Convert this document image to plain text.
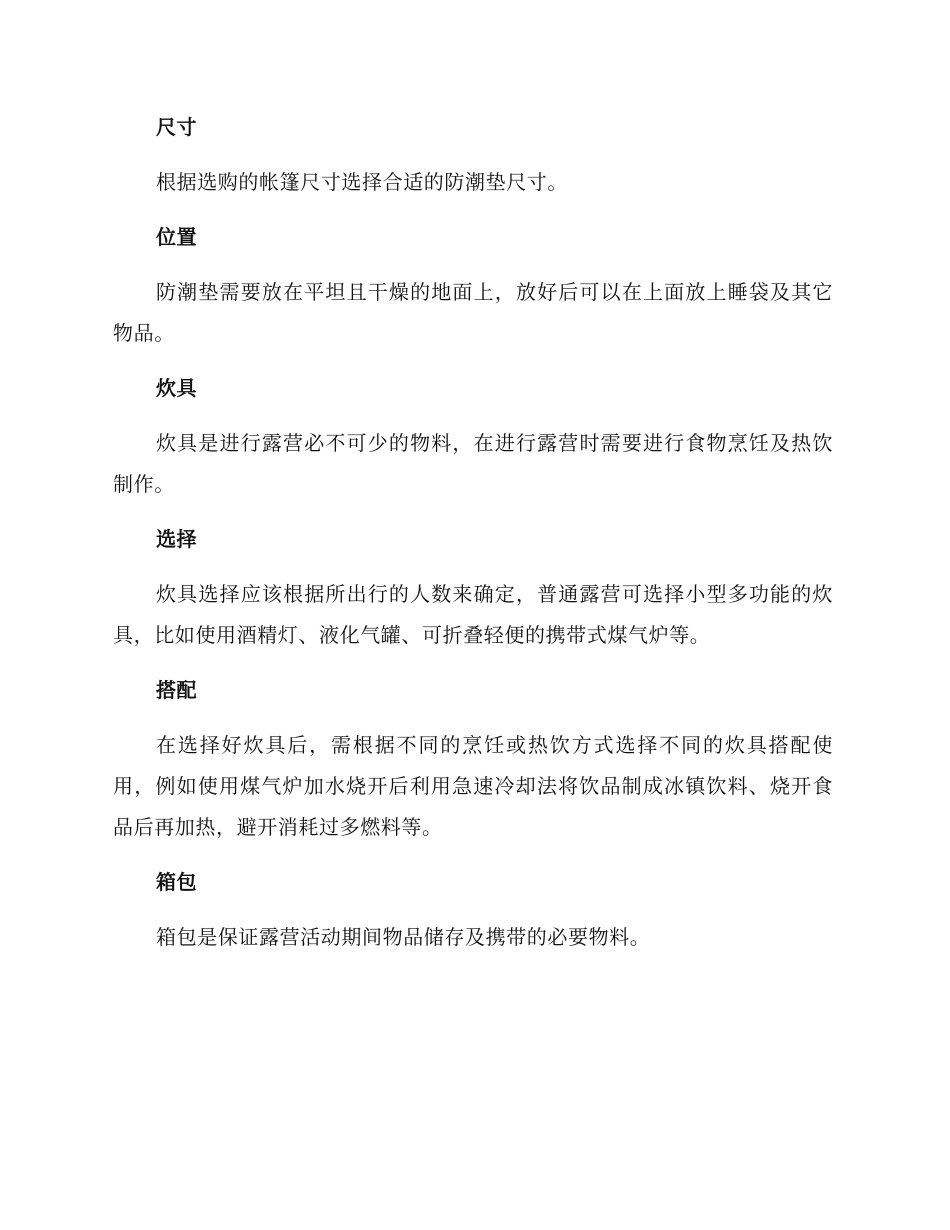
尺寸

根据选购的帐篷尺寸选择合适的防潮垫尺寸。

位置

防潮垫需要放在平坦且干燥的地面上，放好后可以在上面放上睡袋及其它物品。

炊具

炊具是进行露营必不可少的物料，在进行露营时需要进行食物烹饪及热饮制作。

选择

炊具选择应该根据所出行的人数来确定，普通露营可选择小型多功能的炊具，比如使用酒精灯、液化气罐、可折叠轻便的携带式煤气炉等。

搭配

在选择好炊具后，需根据不同的烹饪或热饮方式选择不同的炊具搭配使用，例如使用煤气炉加水烧开后利用急速冷却法将饮品制成冰镇饮料、烧开食品后再加热，避开消耗过多燃料等。

箱包

箱包是保证露营活动期间物品储存及携带的必要物料。
